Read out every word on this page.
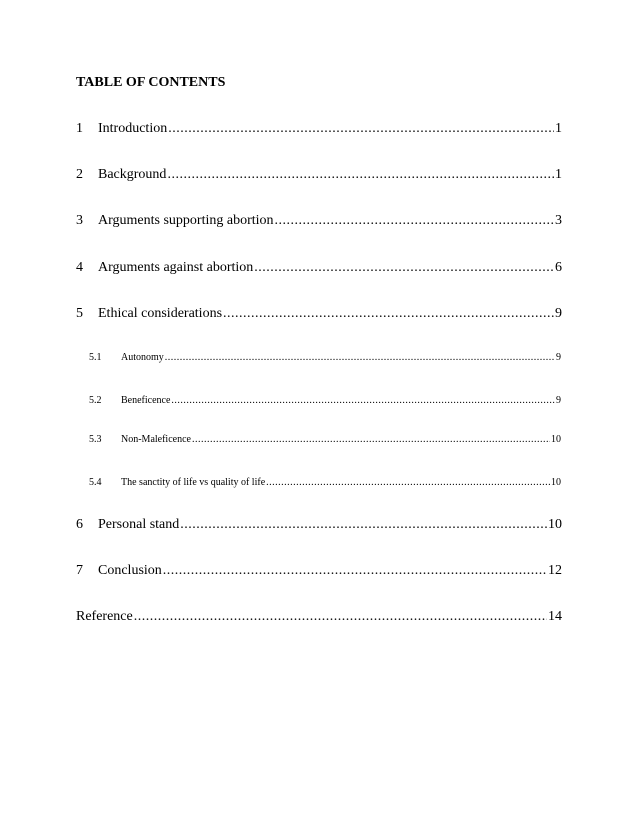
TABLE OF CONTENTS
1	Introduction .....	1
2	Background .....	1
3	Arguments supporting abortion .....	3
4	Arguments against abortion .....	6
5	Ethical considerations .....	9
5.1	Autonomy .....	9
5.2	Beneficence .....	9
5.3	Non-Maleficence .....	10
5.4	The sanctity of life vs quality of life .....	10
6	Personal stand .....	10
7	Conclusion .....	12
Reference .....	14
